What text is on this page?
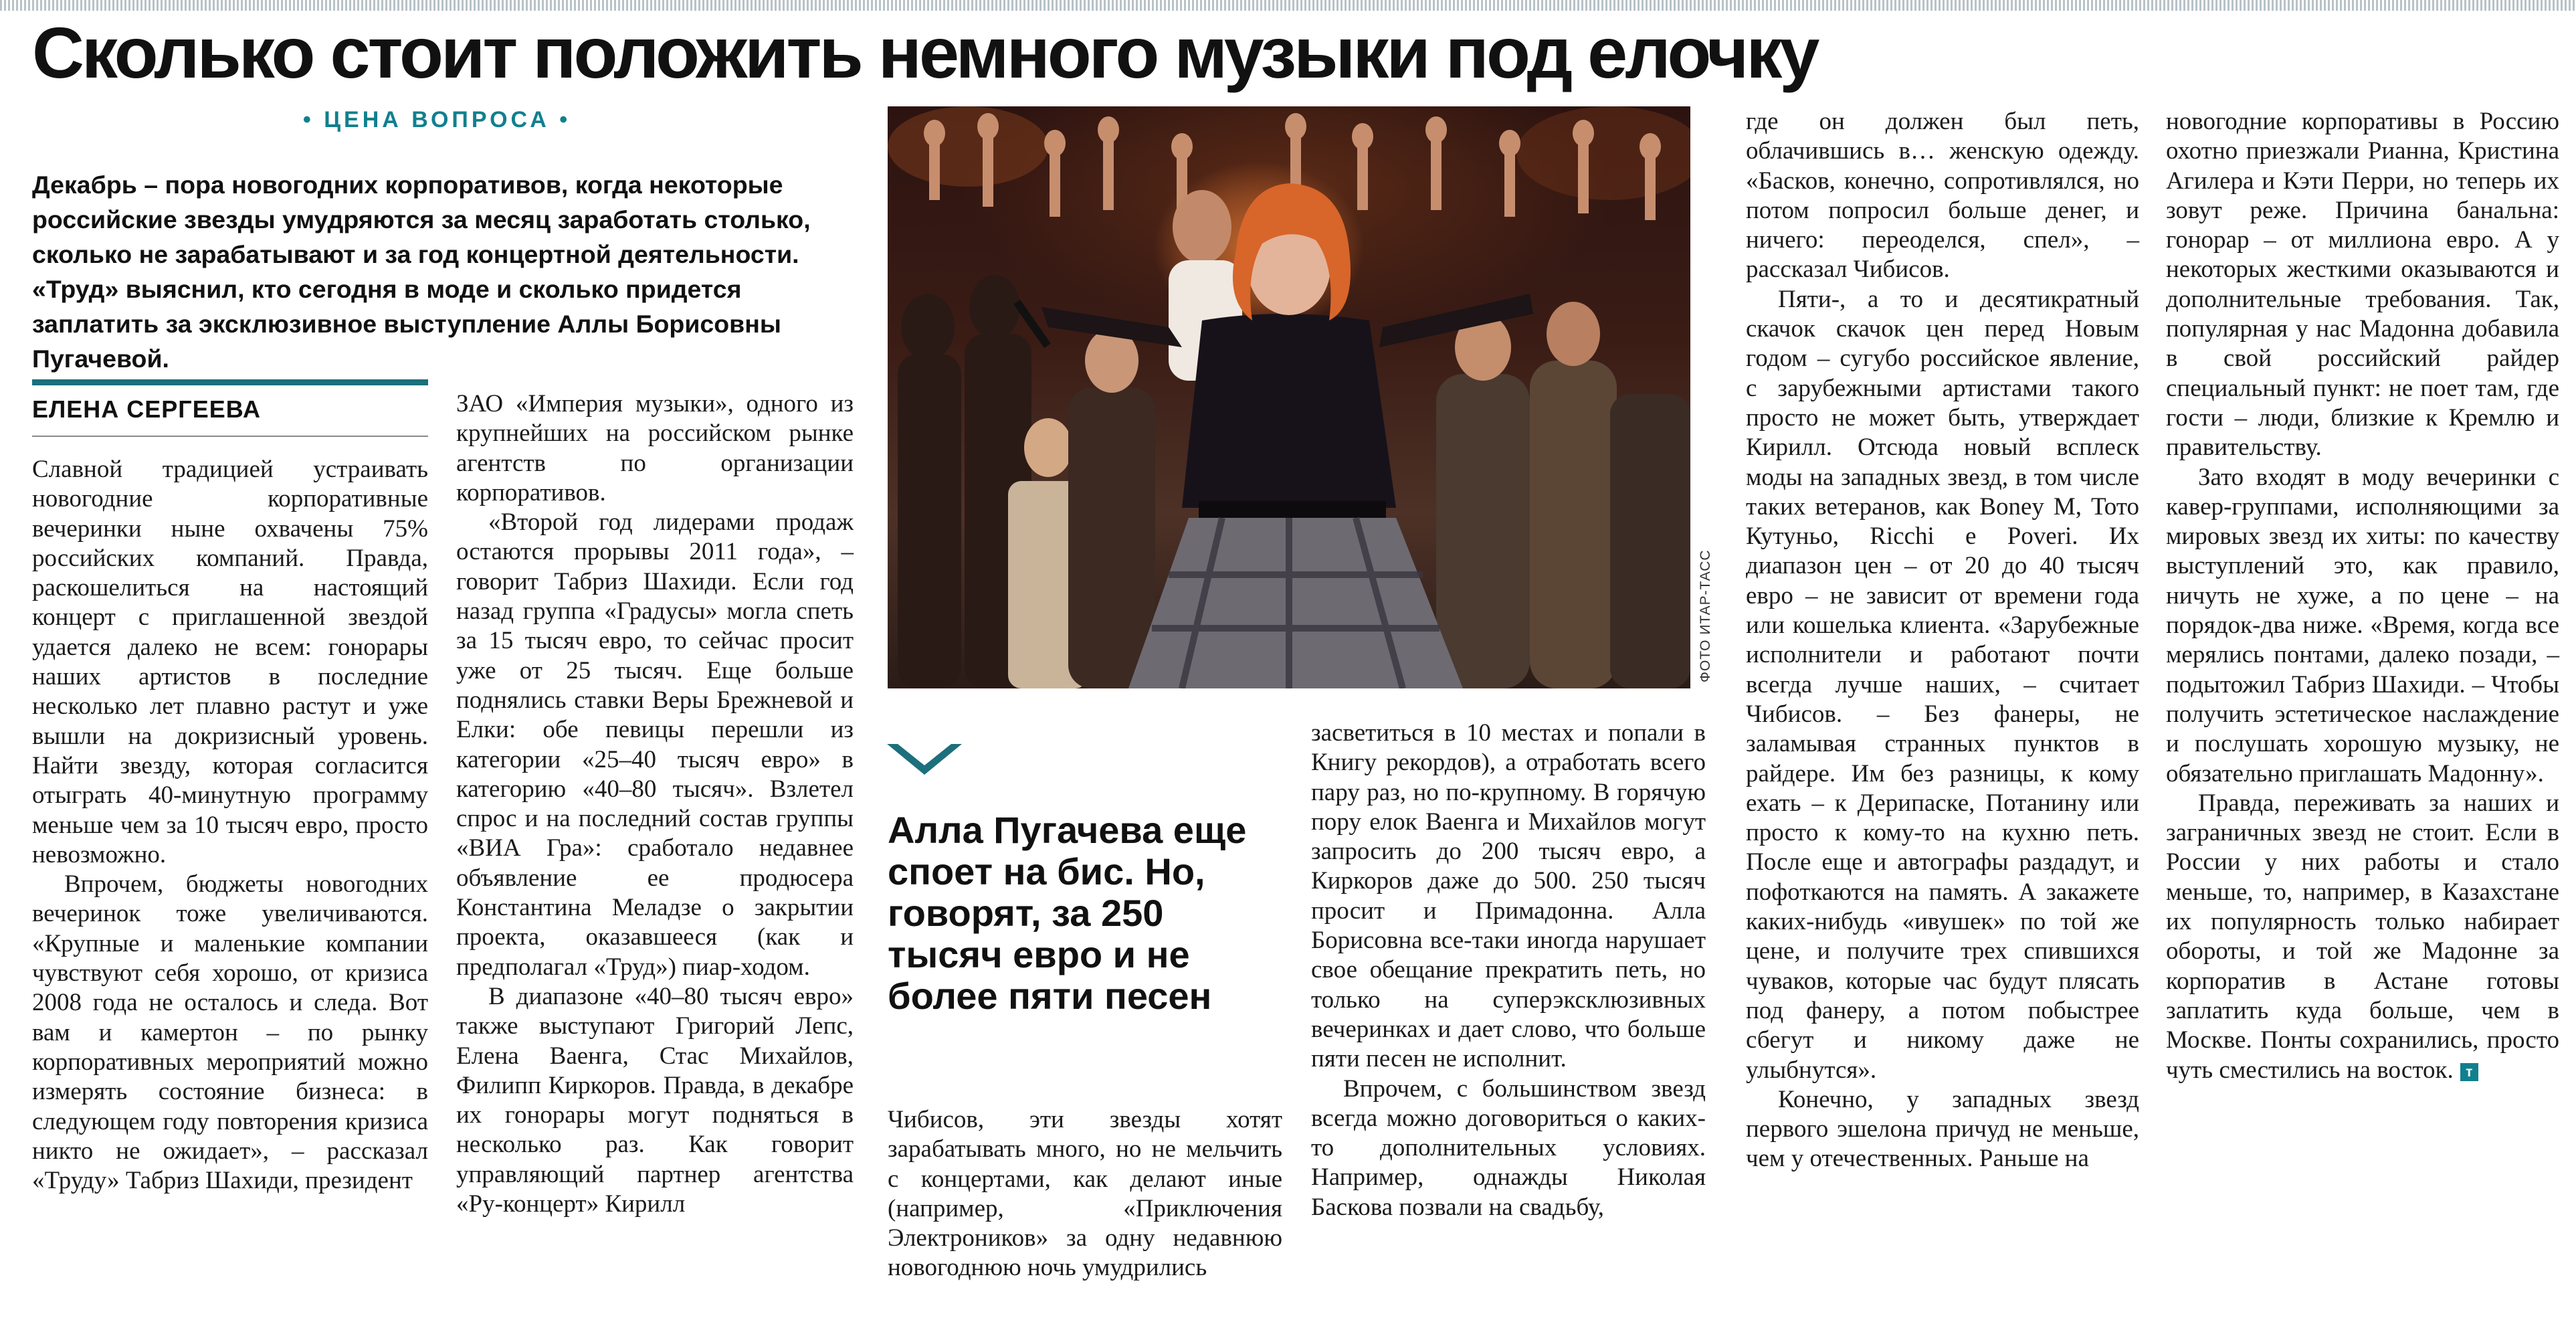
Сколько стоит положить немного музыки под елочку
• ЦЕНА ВОПРОСА •

Декабрь – пора новогодних корпоративов, когда некоторые российские звезды умудряются за месяц заработать столько, сколько не зарабатывают и за год концертной деятельности. «Труд» выяснил, кто сегодня в моде и сколько придется заплатить за эксклюзивное выступление Аллы Борисовны Пугачевой.

ЕЛЕНА СЕРГЕЕВА

Славной традицией устраивать новогодние корпоративные вечеринки ныне охвачены 75% российских компаний. Правда, раскошелиться на настоящий концерт с приглашенной звездой удается далеко не всем: гонорары наших артистов в последние несколько лет плавно растут и уже вышли на докризисный уровень. Найти звезду, которая согласится отыграть 40-минутную программу меньше чем за 10 тысяч евро, просто невозможно.

Впрочем, бюджеты новогодних вечеринок тоже увеличиваются. «Крупные и маленькие компании чувствуют себя хорошо, от кризиса 2008 года не осталось и следа. Вот вам и камертон – по рынку корпоративных мероприятий можно измерять состояние бизнеса: в следующем году повторения кризиса никто не ожидает», – рассказал «Труду» Табриз Шахиди, президент

ЗАО «Империя музыки», одного из крупнейших на российском рынке агентств по организации корпоративов.

«Второй год лидерами продаж остаются прорывы 2011 года», – говорит Табриз Шахиди. Если год назад группа «Градусы» могла спеть за 15 тысяч евро, то сейчас просит уже от 25 тысяч. Еще больше поднялись ставки Веры Брежневой и Елки: обе певицы перешли из категории «25–40 тысяч евро» в категорию «40–80 тысяч». Взлетел спрос и на последний состав группы «ВИА Гра»: сработало недавнее объявление ее продюсера Константина Меладзе о закрытии проекта, оказавшееся (как и предполагал «Труд») пиар-ходом.

В диапазоне «40–80 тысяч евро» также выступают Григорий Лепс, Елена Ваенга, Стас Михайлов, Филипп Киркоров. Правда, в декабре их гонорары могут подняться в несколько раз. Как говорит управляющий партнер агентства «Ру-концерт» Кирилл

ФОТО ИТАР-ТАСС

Алла Пугачева еще споет на бис. Но, говорят, за 250 тысяч евро и не более пяти песен

Чибисов, эти звезды хотят зарабатывать много, но не мельчить с концертами, как делают иные (например, «Приключения Электроников» за одну недавнюю новогоднюю ночь умудрились

засветиться в 10 местах и попали в Книгу рекордов), а отработать всего пару раз, но по-крупному. В горячую пору елок Ваенга и Михайлов могут запросить до 200 тысяч евро, а Киркоров даже до 500. 250 тысяч просит и Примадонна. Алла Борисовна все-таки иногда нарушает свое обещание прекратить петь, но только на суперэксклюзивных вечеринках и дает слово, что больше пяти песен не исполнит.

Впрочем, с большинством звезд всегда можно договориться о каких-то дополнительных условиях. Например, однажды Николая Баскова позвали на свадьбу,

где он должен был петь, облачившись в… женскую одежду. «Басков, конечно, сопротивлялся, но потом попросил больше денег, и ничего: переоделся, спел», – рассказал Чибисов.

Пяти-, а то и десятикратный скачок скачок цен перед Новым годом – сугубо российское явление, с зарубежными артистами такого просто не может быть, утверждает Кирилл. Отсюда новый всплеск моды на западных звезд, в том числе таких ветеранов, как Boney M, Тото Кутуньо, Ricchi e Poveri. Их диапазон цен – от 20 до 40 тысяч евро – не зависит от времени года или кошелька клиента. «Зарубежные исполнители и работают почти всегда лучше наших, – считает Чибисов. – Без фанеры, не заламывая странных пунктов в райдере. Им без разницы, к кому ехать – к Дерипаске, Потанину или просто к кому-то на кухню петь. После еще и автографы раздадут, и пофоткаются на память. А закажете каких-нибудь «ивушек» по той же цене, и получите трех спившихся чуваков, которые час будут плясать под фанеру, а потом побыстрее сбегут и никому даже не улыбнутся».

Конечно, у западных звезд первого эшелона причуд не меньше, чем у отечественных. Раньше на

новогодние корпоративы в Россию охотно приезжали Рианна, Кристина Агилера и Кэти Перри, но теперь их зовут реже. Причина банальна: гонорар – от миллиона евро. А у некоторых жесткими оказываются и дополнительные требования. Так, популярная у нас Мадонна добавила в свой российский райдер специальный пункт: не поет там, где гости – люди, близкие к Кремлю и правительству.

Зато входят в моду вечеринки с кавер-группами, исполняющими за мировых звезд их хиты: по качеству выступлений это, как правило, ничуть не хуже, а по цене – на порядок-два ниже. «Время, когда все мерялись понтами, далеко позади, – подытожил Табриз Шахиди. – Чтобы получить эстетическое наслаждение и послушать хорошую музыку, не обязательно приглашать Мадонну».

Правда, переживать за наших и заграничных звезд не стоит. Если в России у них работы и стало меньше, то, например, в Казахстане их популярность только набирает обороты, и той же Мадонне за корпоратив в Астане готовы заплатить куда больше, чем в Москве. Понты сохранились, просто чуть сместились на восток. т
